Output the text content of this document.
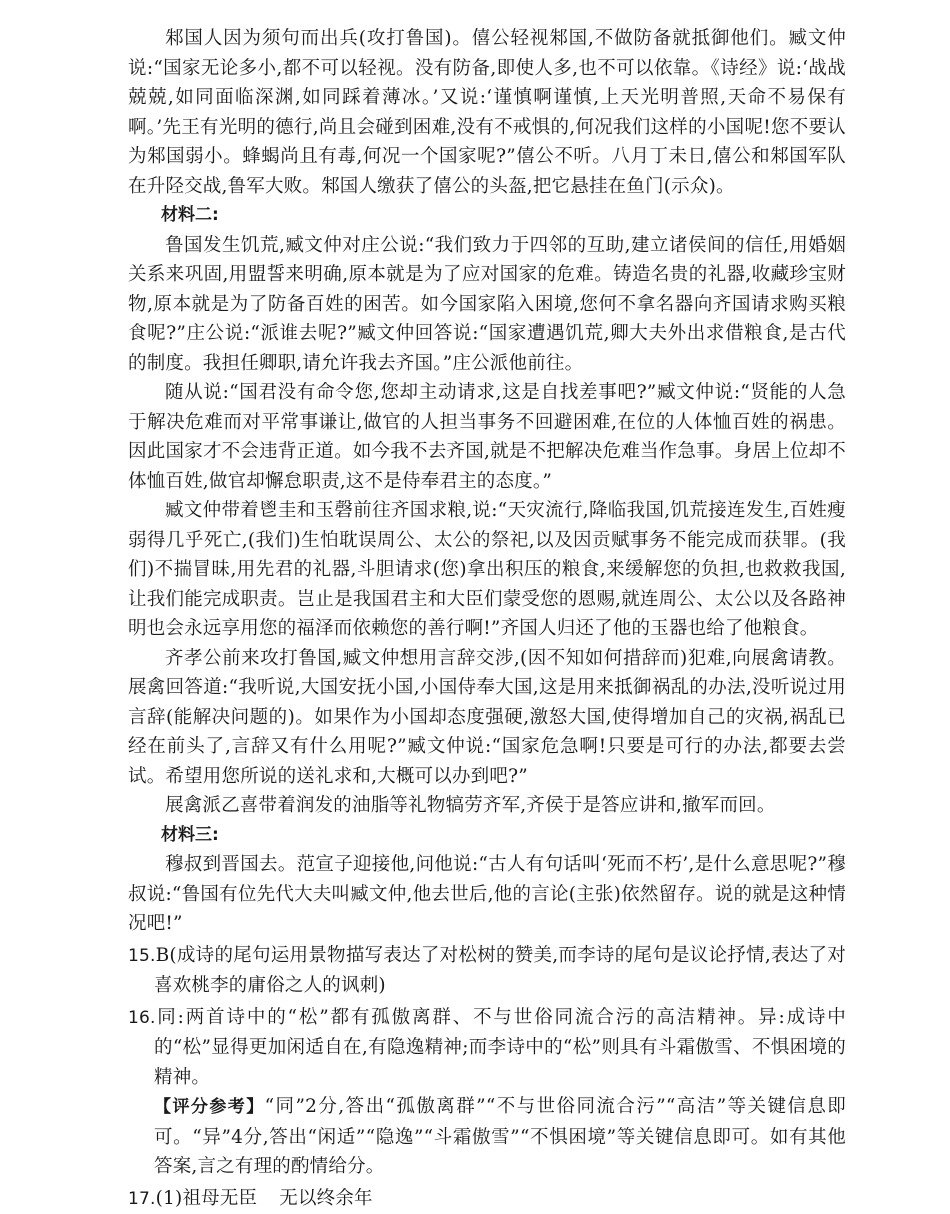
邾国人因为须句而出兵(攻打鲁国)。僖公轻视邾国,不做防备就抵御他们。臧文仲说:“国家无论多小,都不可以轻视。没有防备,即使人多,也不可以依靠。《诗经》说:‘战战兢兢,如同面临深渊,如同踩着薄冰。’又说:‘谨慎啊谨慎,上天光明普照,天命不易保有啊。’先王有光明的德行,尚且会碰到困难,没有不戒惧的,何况我们这样的小国呢!您不要认为邾国弱小。蜂蝎尚且有毒,何况一个国家呢?”僖公不听。八月丁未日,僖公和邾国军队在升陉交战,鲁军大败。邾国人缴获了僖公的头盔,把它悬挂在鱼门(示众)。

材料二:

鲁国发生饥荒,臧文仲对庄公说:“我们致力于四邻的互助,建立诸侯间的信任,用婚姻关系来巩固,用盟誓来明确,原本就是为了应对国家的危难。铸造名贵的礼器,收藏珍宝财物,原本就是为了防备百姓的困苦。如今国家陷入困境,您何不拿名器向齐国请求购买粮食呢?”庄公说:“派谁去呢?”臧文仲回答说:“国家遭遇饥荒,卿大夫外出求借粮食,是古代的制度。我担任卿职,请允许我去齐国。”庄公派他前往。

随从说:“国君没有命令您,您却主动请求,这是自找差事吧?”臧文仲说:“贤能的人急于解决危难而对平常事谦让,做官的人担当事务不回避困难,在位的人体恤百姓的祸患。因此国家才不会违背正道。如今我不去齐国,就是不把解决危难当作急事。身居上位却不体恤百姓,做官却懈怠职责,这不是侍奉君主的态度。”

臧文仲带着鬯圭和玉磬前往齐国求粮,说:“天灾流行,降临我国,饥荒接连发生,百姓瘦弱得几乎死亡,(我们)生怕耽误周公、太公的祭祀,以及因贡赋事务不能完成而获罪。(我们)不揣冒昧,用先君的礼器,斗胆请求(您)拿出积压的粮食,来缓解您的负担,也救救我国,让我们能完成职责。岂止是我国君主和大臣们蒙受您的恩赐,就连周公、太公以及各路神明也会永远享用您的福泽而依赖您的善行啊!”齐国人归还了他的玉器也给了他粮食。

齐孝公前来攻打鲁国,臧文仲想用言辞交涉,(因不知如何措辞而)犯难,向展禽请教。展禽回答道:“我听说,大国安抚小国,小国侍奉大国,这是用来抵御祸乱的办法,没听说过用言辞(能解决问题的)。如果作为小国却态度强硬,激怒大国,使得增加自己的灾祸,祸乱已经在前头了,言辞又有什么用呢?”臧文仲说:“国家危急啊!只要是可行的办法,都要去尝试。希望用您所说的送礼求和,大概可以办到吧?”

展禽派乙喜带着润发的油脂等礼物犒劳齐军,齐侯于是答应讲和,撤军而回。

材料三:

穆叔到晋国去。范宣子迎接他,问他说:“古人有句话叫‘死而不朽’,是什么意思呢?”穆叔说:“鲁国有位先代大夫叫臧文仲,他去世后,他的言论(主张)依然留存。说的就是这种情况吧!”

15.B(成诗的尾句运用景物描写表达了对松树的赞美,而李诗的尾句是议论抒情,表达了对喜欢桃李的庸俗之人的讽刺)

16.同:两首诗中的“松”都有孤傲离群、不与世俗同流合污的高洁精神。异:成诗中的“松”显得更加闲适自在,有隐逸精神;而李诗中的“松”则具有斗霜傲雪、不惧困境的精神。

【评分参考】“同”2分,答出“孤傲离群”“不与世俗同流合污”“高洁”等关键信息即可。“异”4分,答出“闲适”“隐逸”“斗霜傲雪”“不惧困境”等关键信息即可。如有其他答案,言之有理的酌情给分。

17.(1)祖母无臣 无以终余年
